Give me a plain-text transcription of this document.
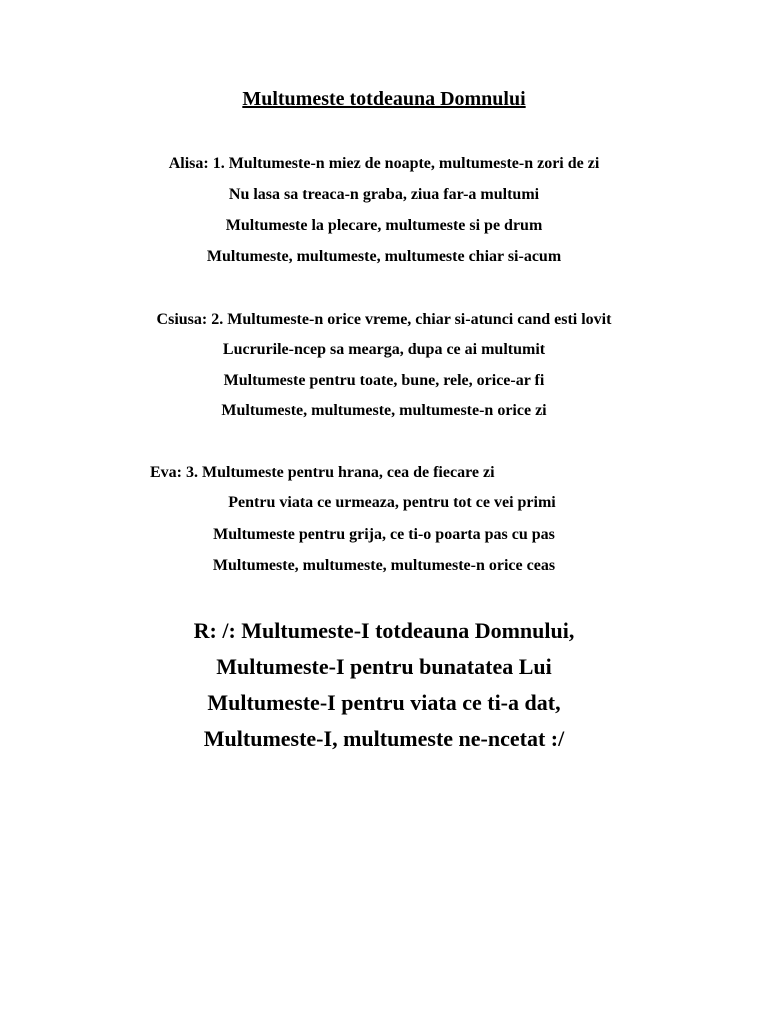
Multumeste totdeauna Domnului
Alisa: 1. Multumeste-n miez de noapte, multumeste-n zori de zi
Nu lasa sa treaca-n graba, ziua far-a multumi
Multumeste la plecare, multumeste si pe drum
Multumeste, multumeste, multumeste chiar si-acum
Csiusa: 2. Multumeste-n orice vreme, chiar si-atunci cand esti lovit
Lucrurile-ncep sa mearga, dupa ce ai multumit
Multumeste pentru toate, bune, rele, orice-ar fi
Multumeste, multumeste, multumeste-n orice zi
Eva: 3. Multumeste pentru hrana, cea de fiecare zi
Pentru viata ce urmeaza, pentru tot ce vei primi
Multumeste pentru grija, ce ti-o poarta pas cu pas
Multumeste, multumeste, multumeste-n orice ceas
R: /: Multumeste-I totdeauna Domnului,
Multumeste-I pentru bunatatea Lui
Multumeste-I pentru viata ce ti-a dat,
Multumeste-I, multumeste ne-ncetat :/
